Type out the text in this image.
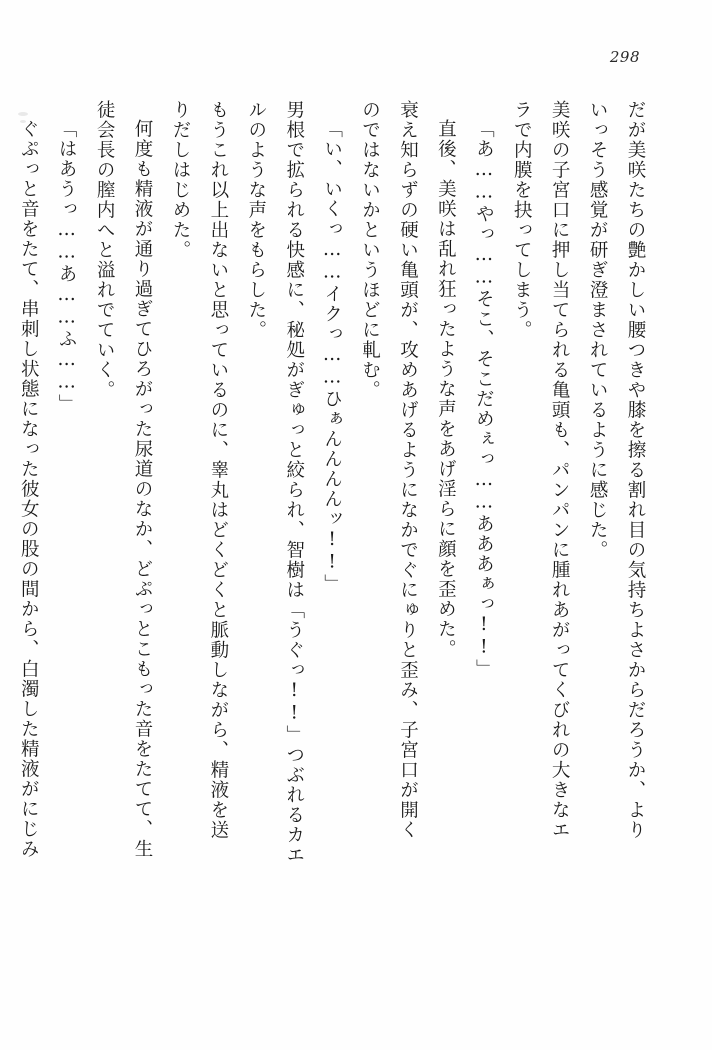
298
だが美咲たちの艶かしい腰つきや膝を擦る割れ目の気持ちよさからだろうか、より
いっそう感覚が研ぎ澄まされているように感じた。
美咲の子宮口に押し当てられる亀頭も、パンパンに腫れあがってくびれの大きなエ
ラで内膜を抉ってしまう。
「あ……やっ……そこ、そこだめぇっ……あああぁっ!!」
直後、美咲は乱れ狂ったような声をあげ淫らに顔を歪めた。
衰え知らずの硬い亀頭が、攻めあげるようになかでぐにゅりと歪み、子宮口が開く
のではないかというほどに軋む。
「い、いくっ……イクっ……ひぁんんんんッ!!」
男根で拡られる快感に、秘処がぎゅっと絞られ、智樹は「うぐっ!!」つぶれるカエ
ルのような声をもらした。
もうこれ以上出ないと思っているのに、睾丸はどくどくと脈動しながら、精液を送
りだしはじめた。
何度も精液が通り過ぎてひろがった尿道のなか、どぷっとこもった音をたてて、生
徒会長の膣内へと溢れでていく。
「はあうっ……あ……ふ……」
ぐぷっと音をたて、串刺し状態になった彼女の股の間から、白濁した精液がにじみ
